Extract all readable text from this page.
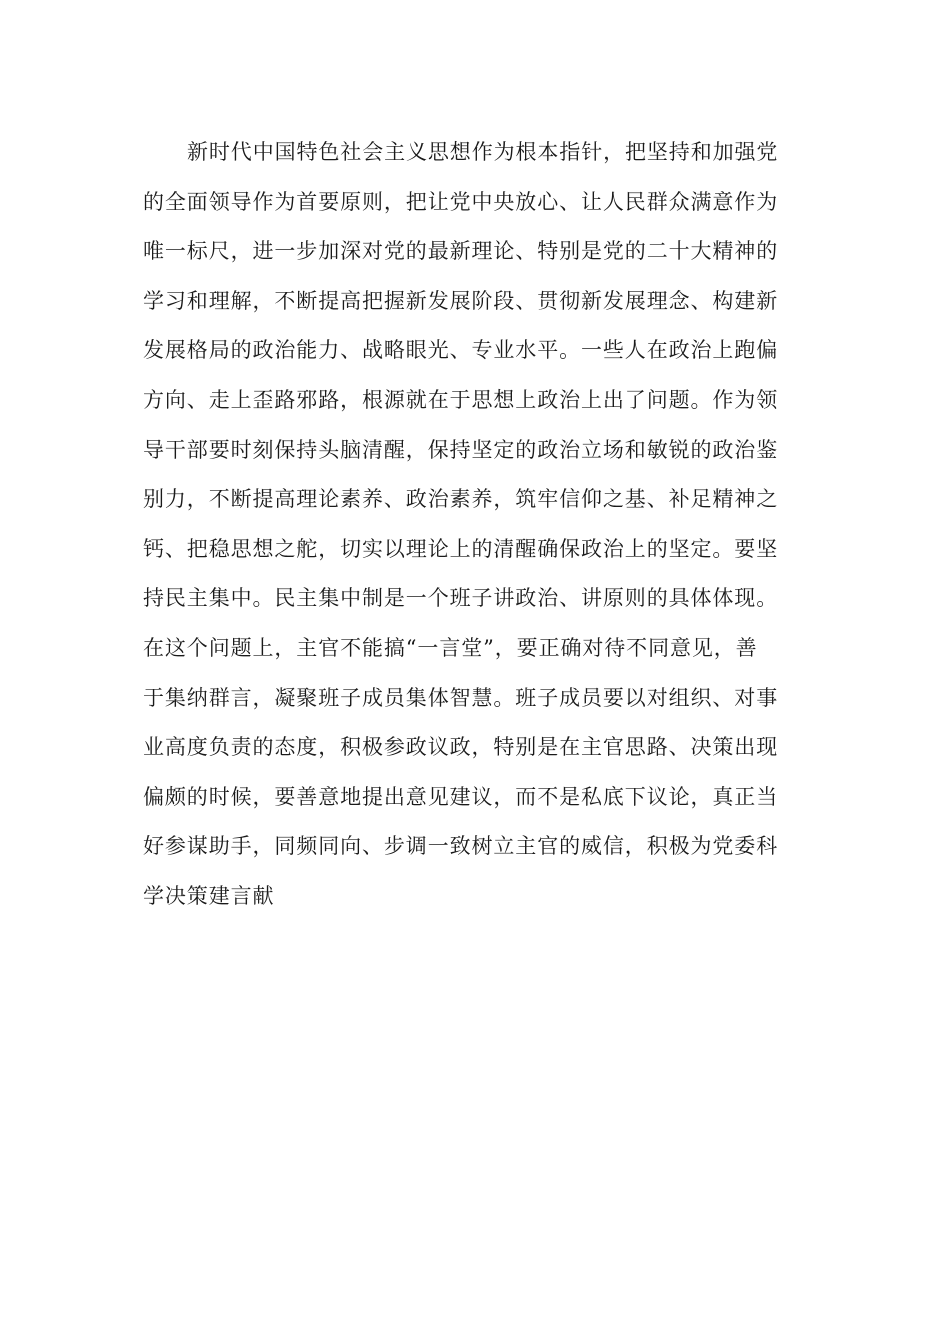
新时代中国特色社会主义思想作为根本指针，把坚持和加强党
的全面领导作为首要原则，把让党中央放心、让人民群众满意作为
唯一标尺，进一步加深对党的最新理论、特别是党的二十大精神的
学习和理解，不断提高把握新发展阶段、贯彻新发展理念、构建新
发展格局的政治能力、战略眼光、专业水平。一些人在政治上跑偏
方向、走上歪路邪路，根源就在于思想上政治上出了问题。作为领
导干部要时刻保持头脑清醒，保持坚定的政治立场和敏锐的政治鉴
别力，不断提高理论素养、政治素养，筑牢信仰之基、补足精神之
钙、把稳思想之舵，切实以理论上的清醒确保政治上的坚定。要坚
持民主集中。民主集中制是一个班子讲政治、讲原则的具体体现。
在这个问题上，主官不能搞“一言堂”，要正确对待不同意见，善
于集纳群言，凝聚班子成员集体智慧。班子成员要以对组织、对事
业高度负责的态度，积极参政议政，特别是在主官思路、决策出现
偏颇的时候，要善意地提出意见建议，而不是私底下议论，真正当
好参谋助手，同频同向、步调一致树立主官的威信，积极为党委科
学决策建言献
